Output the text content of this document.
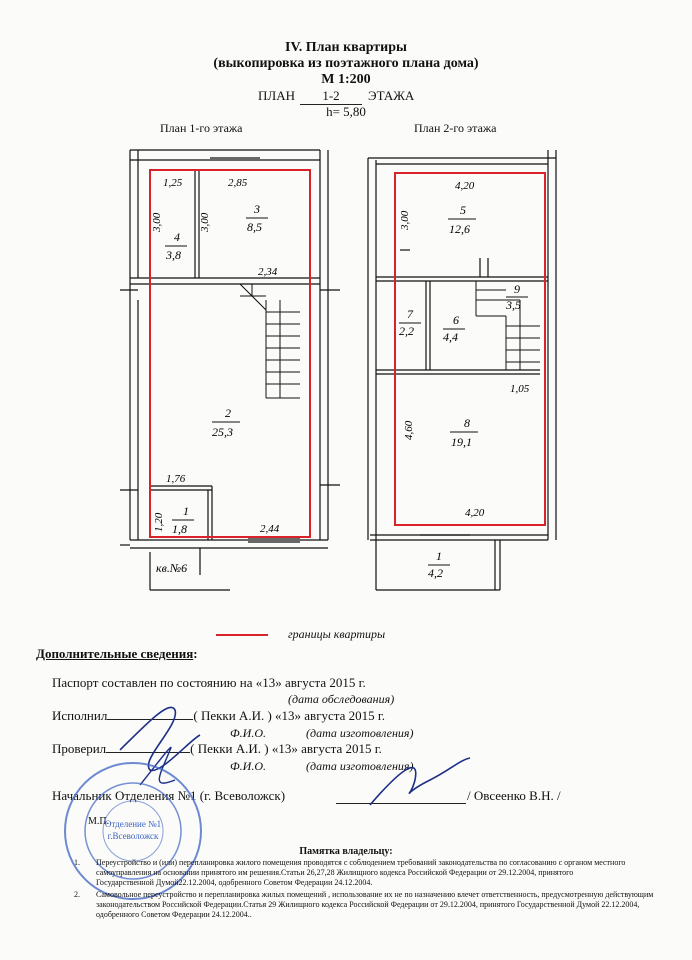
IV. План квартиры
(выкопировка из поэтажного плана дома)
М 1:200
ПЛАН	1-2	ЭТАЖА
h= 5,80
План 1-го этажа	План 2-го этажа
1,25	2,85
3,00	3,00
2,34
1,76
1,20	2,44
3
8,5
4
3,8
2
25,3
1
1,8
кв.№6
4,20
3,00
1,05
4,60
4,20
5
12,6
7
2,2
6
4,4
9
3,5
8
19,1
1
4,2
границы квартиры
Дополнительные сведения:
Паспорт составлен по состоянию на «13» августа 2015 г.
(дата обследования)
Исполнил	( Пекки А.И. ) «13» августа 2015 г.
Ф.И.О.	(дата изготовления)
Проверил	( Пекки А.И. ) «13» августа 2015 г.
Ф.И.О.	(дата изготовления)
Начальник Отделения №1 (г. Всеволожск)	/ Овсеенко В.Н. /
М.П.
Отделение №1
г.Всеволожск
Памятка владельцу:
1. Переустройство и (или) перепланировка жилого помещения проводятся с соблюдением требований законодательства по согласованию с органом местного самоуправления на основании принятого им решения.Статьи 26,27,28 Жилищного кодекса Российской Федерации от 29.12.2004, принятого Государственной Думой22.12.2004, одобренного Советом Федерации 24.12.2004.
2. Самовольное переустройство и перепланировка жилых помещений , использование их не по назначению влечет ответственность, предусмотренную действующим законодательством Российской Федерации.Статья 29 Жилищного кодекса Российской Федерации от 29.12.2004, принятого Государственной Думой 22.12.2004, одобренного Советом Федерации 24.12.2004..
